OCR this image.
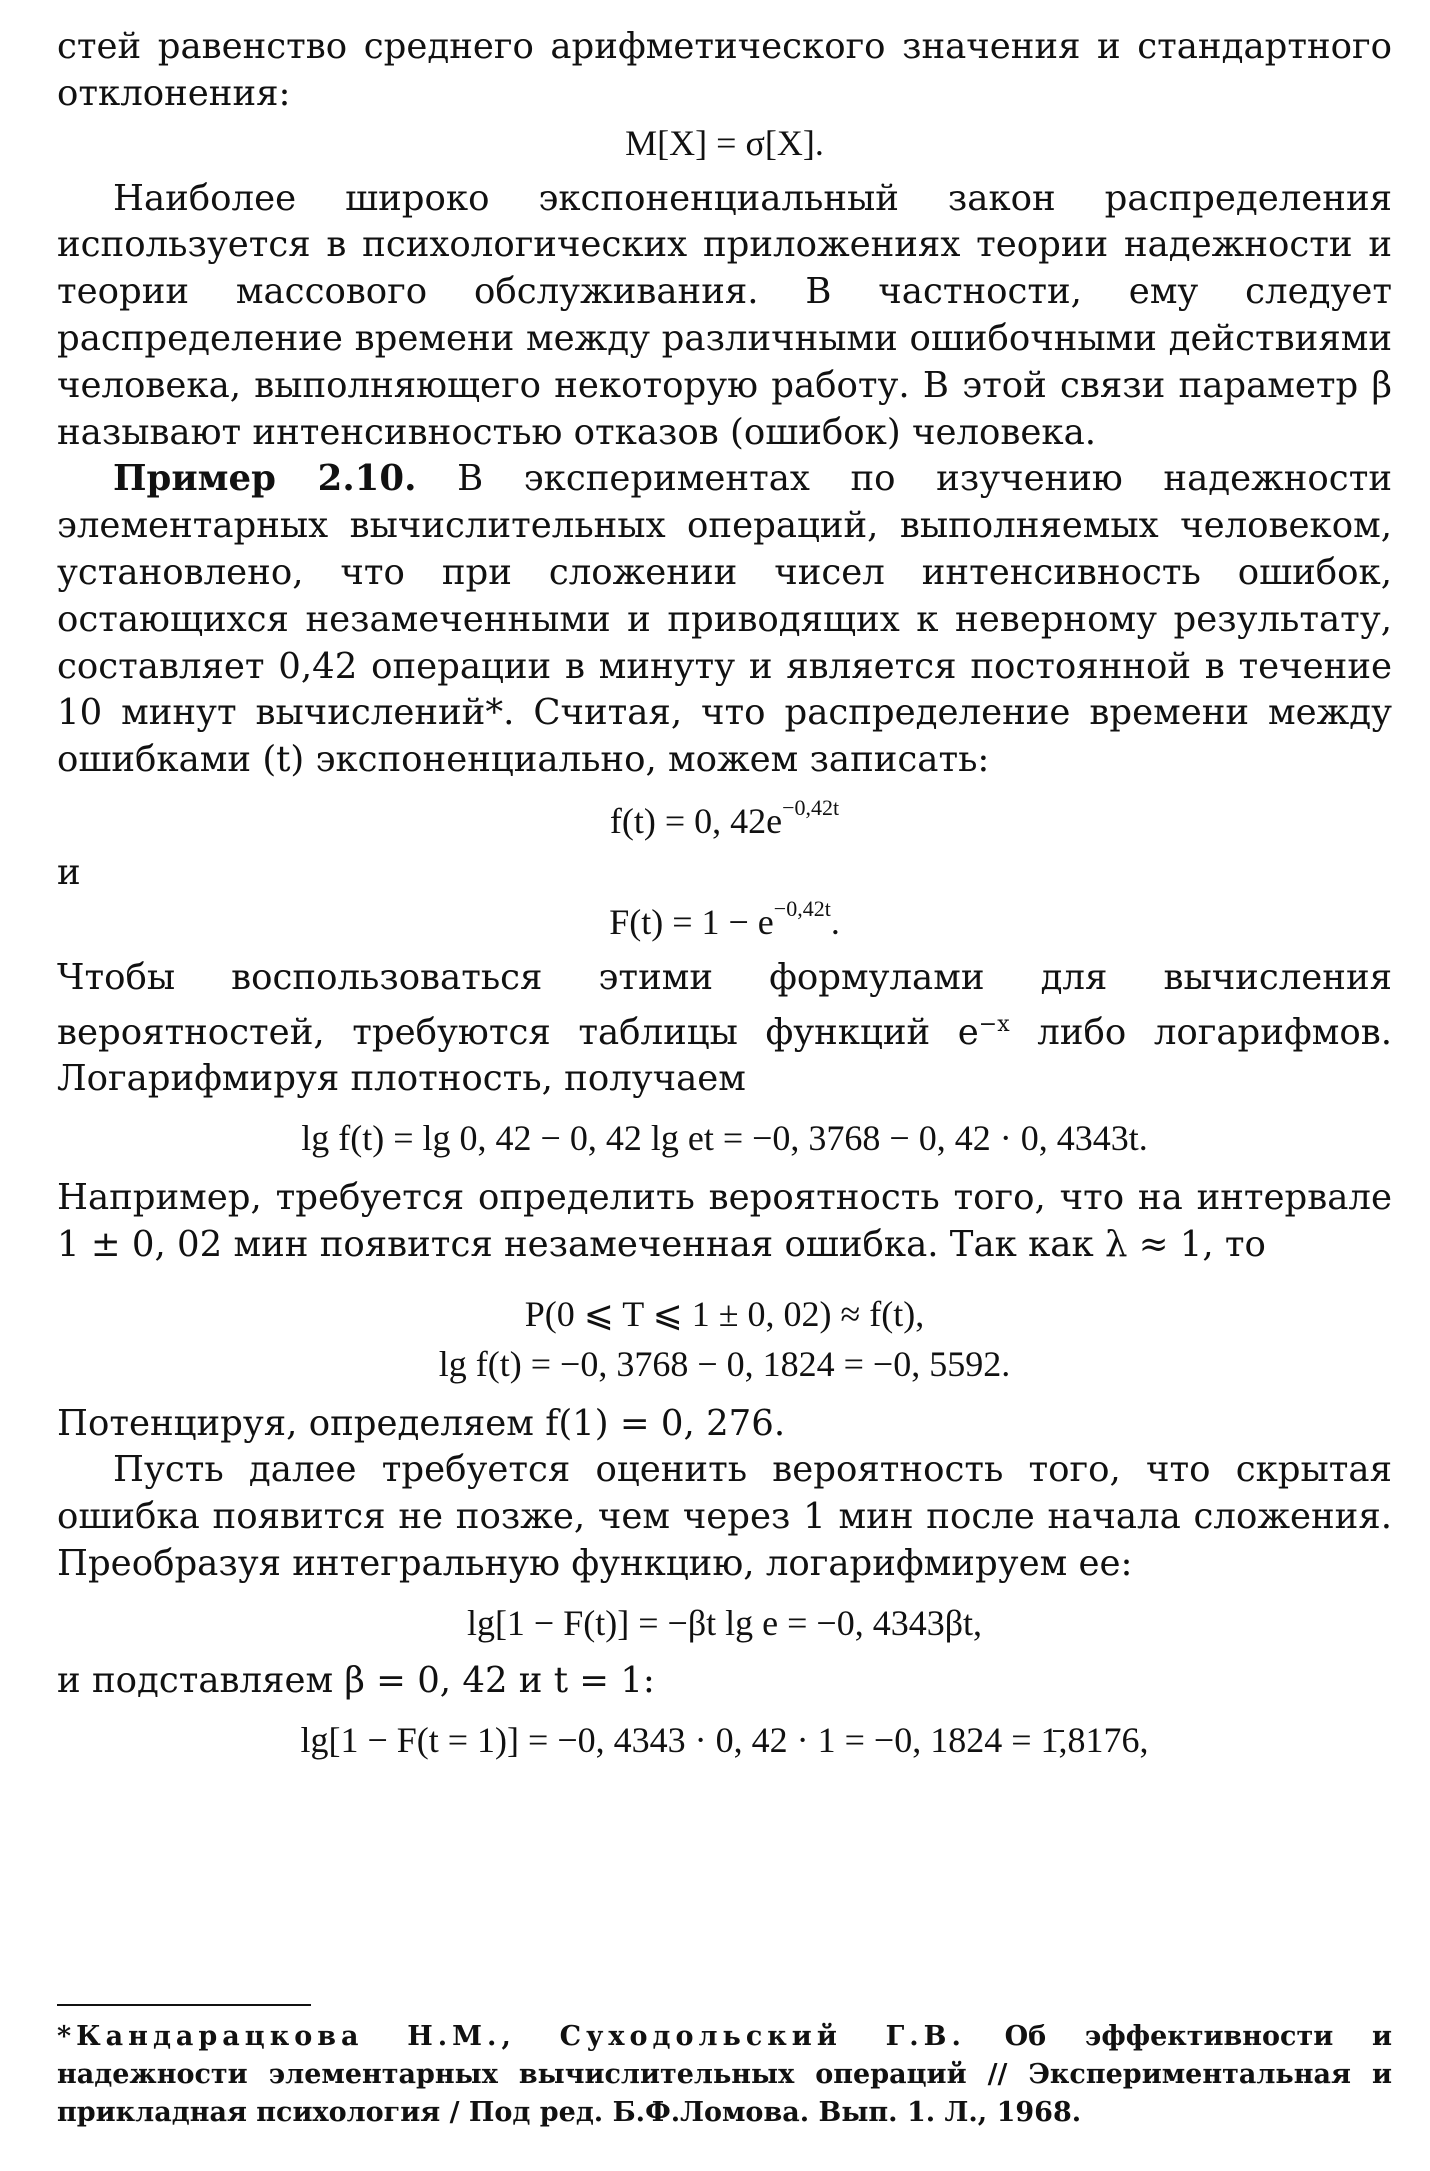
стей равенство среднего арифметического значения и стандартного отклонения:

M[X] = σ[X].

Наиболее широко экспоненциальный закон распределения используется в психологических приложениях теории надежности и теории массового обслуживания. В частности, ему следует распределение времени между различными ошибочными действиями человека, выполняющего некоторую работу. В этой связи параметр β называют интенсивностью отказов (ошибок) человека.

Пример 2.10. В экспериментах по изучению надежности элементарных вычислительных операций, выполняемых человеком, установлено, что при сложении чисел интенсивность ошибок, остающихся незамеченными и приводящих к неверному результату, составляет 0,42 операции в минуту и является постоянной в течение 10 минут вычислений*. Считая, что распределение времени между ошибками (t) экспоненциально, можем записать:

f(t) = 0, $42e^{-0,42t}$

и

$F(t) = 1 - e^{-0,42t}$.

Чтобы воспользоваться этими формулами для вычисления вероятностей, требуются таблицы функций $e^{-x}$ либо логарифмов. Логарифмируя плотность, получаем

lg f(t) = lg 0, 42 − 0, 42 lg et = −0, 3768 − 0, 42 · 0, 4343t.

Например, требуется определить вероятность того, что на интервале 1 ± 0, 02 мин появится незамеченная ошибка. Так как λ ≈ 1, то

P(0 ⩽ T ⩽ 1 ± 0, 02) ≈ f(t),

lg f(t) = −0, 3768 − 0, 1824 = −0, 5592.

Потенцируя, определяем f(1) = 0, 276.

Пусть далее требуется оценить вероятность того, что скрытая ошибка появится не позже, чем через 1 мин после начала сложения. Преобразуя интегральную функцию, логарифмируем ее:

lg[1 − F(t)] = −βt lg e = −0, 4343βt,

и подставляем β = 0, 42 и t = 1:

lg[1 − F(t = 1)] = −0, 4343 · 0, 42 · 1 = −0, 1824 = 1̄,8176,

*Кандарацкова Н.М., Суходольский Г.В. Об эффективности и надежности элементарных вычислительных операций // Экспериментальная и прикладная психология / Под ред. Б.Ф.Ломова. Вып. 1. Л., 1968.
